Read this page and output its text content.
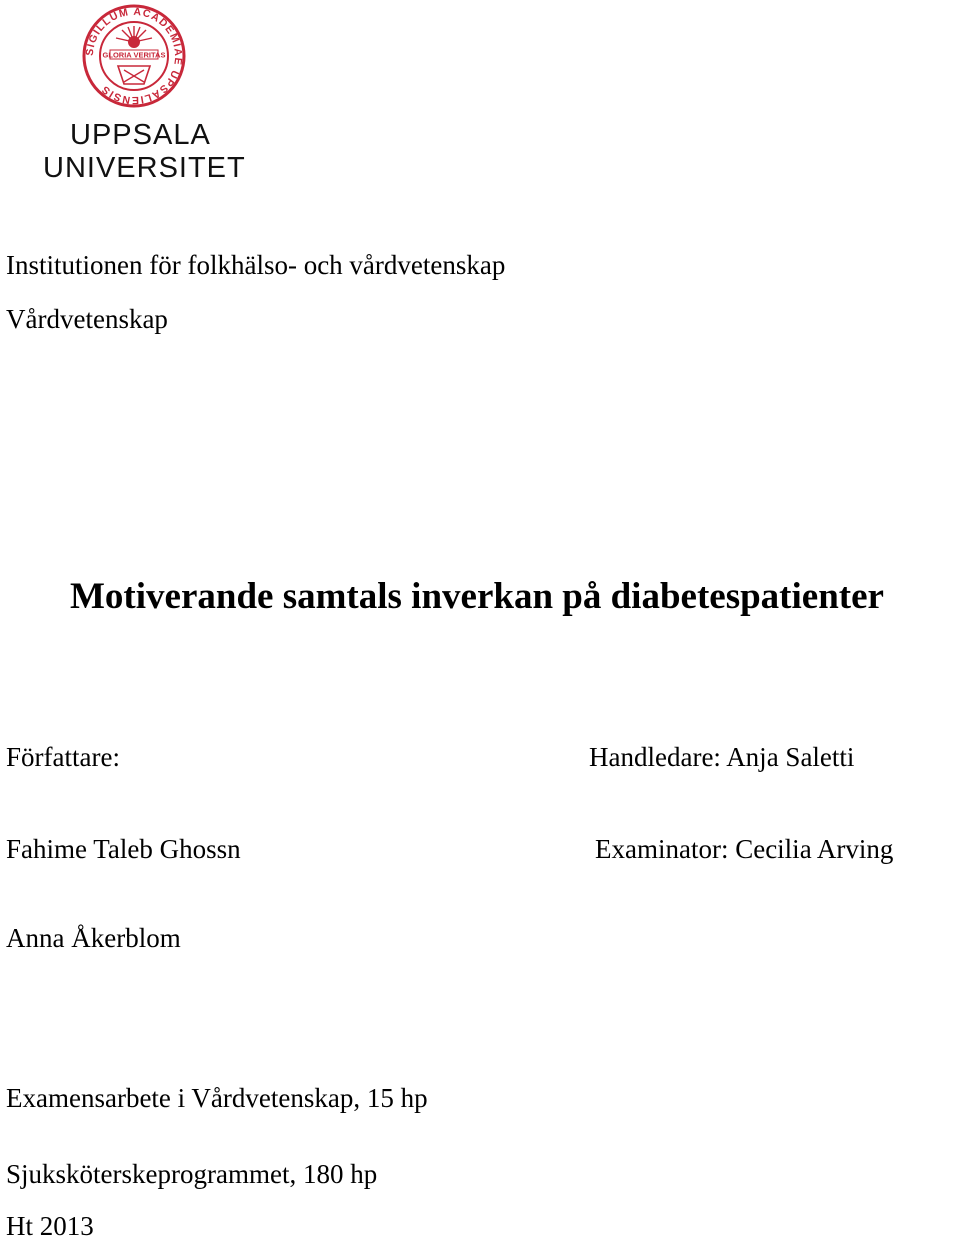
SIGILLUM ACADEMIAE UPSALIENSIS
GLORIA VERITAS
UPPSALA
UNIVERSITET
Institutionen för folkhälso- och vårdvetenskap
Vårdvetenskap
Motiverande samtals inverkan på diabetespatienter
Författare:
Fahime Taleb Ghossn
Anna Åkerblom
Handledare: Anja Saletti
Examinator: Cecilia Arving
Examensarbete i Vårdvetenskap, 15 hp
Sjuksköterskeprogrammet, 180 hp
Ht 2013
